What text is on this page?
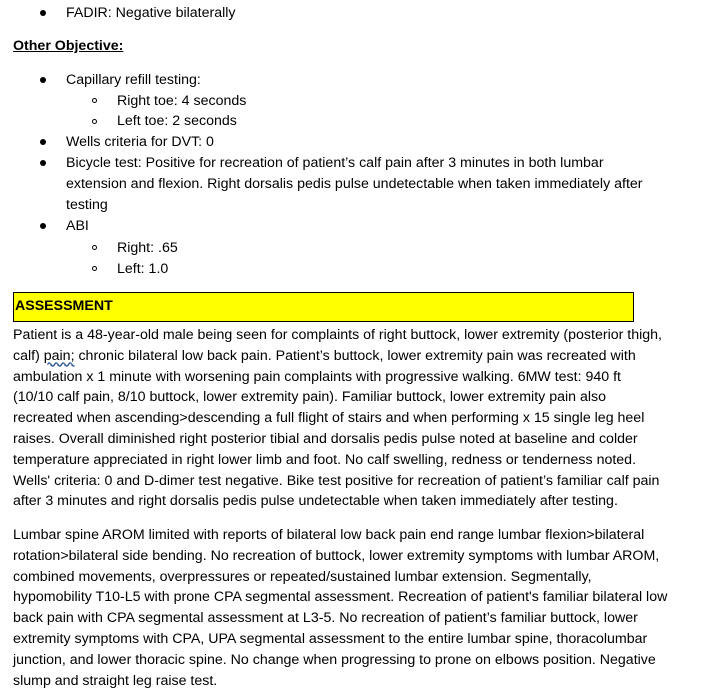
FADIR: Negative bilaterally
Other Objective:
Capillary refill testing:
Right toe: 4 seconds
Left toe: 2 seconds
Wells criteria for DVT: 0
Bicycle test: Positive for recreation of patient’s calf pain after 3 minutes in both lumbar
extension and flexion. Right dorsalis pedis pulse undetectable when taken immediately after
testing
ABI
Right: .65
Left: 1.0
ASSESSMENT
Patient is a 48-year-old male being seen for complaints of right buttock, lower extremity (posterior thigh,
calf) pain; chronic bilateral low back pain. Patient’s buttock, lower extremity pain was recreated with
ambulation x 1 minute with worsening pain complaints with progressive walking. 6MW test: 940 ft
(10/10 calf pain, 8/10 buttock, lower extremity pain). Familiar buttock, lower extremity pain also
recreated when ascending>descending a full flight of stairs and when performing x 15 single leg heel
raises. Overall diminished right posterior tibial and dorsalis pedis pulse noted at baseline and colder
temperature appreciated in right lower limb and foot. No calf swelling, redness or tenderness noted.
Wells' criteria: 0 and D-dimer test negative. Bike test positive for recreation of patient’s familiar calf pain
after 3 minutes and right dorsalis pedis pulse undetectable when taken immediately after testing.
Lumbar spine AROM limited with reports of bilateral low back pain end range lumbar flexion>bilateral
rotation>bilateral side bending. No recreation of buttock, lower extremity symptoms with lumbar AROM,
combined movements, overpressures or repeated/sustained lumbar extension. Segmentally,
hypomobility T10-L5 with prone CPA segmental assessment. Recreation of patient's familiar bilateral low
back pain with CPA segmental assessment at L3-5. No recreation of patient’s familiar buttock, lower
extremity symptoms with CPA, UPA segmental assessment to the entire lumbar spine, thoracolumbar
junction, and lower thoracic spine. No change when progressing to prone on elbows position. Negative
slump and straight leg raise test.
